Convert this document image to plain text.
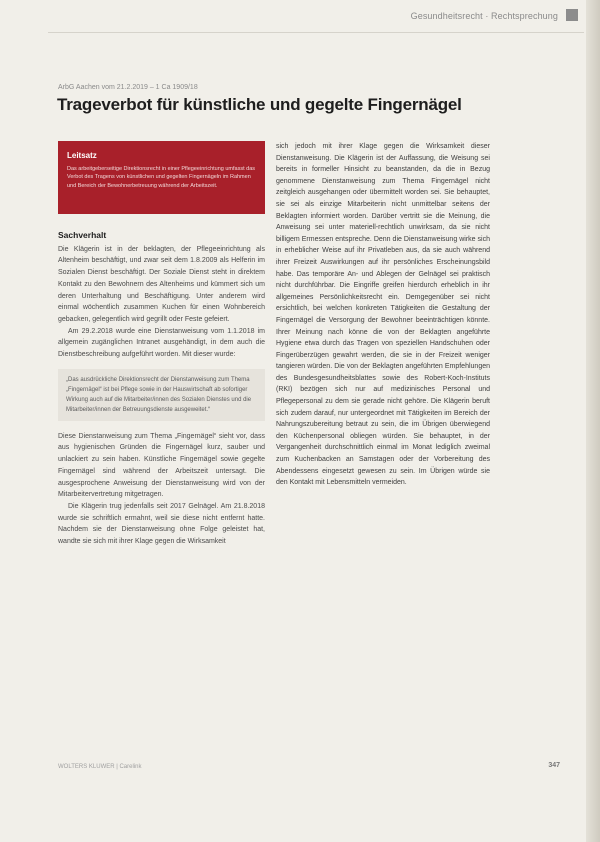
Gesundheitsrecht · Rechtsprechung
ArbG Aachen vom 21.2.2019 – 1 Ca 1909/18
Trageverbot für künstliche und gegelte Fingernägel
Leitsatz
Das arbeitgeberseitige Direktionsrecht in einer Pflegeeinrichtung umfasst das Verbot des Tragens von künstlichen und gegelten Fingernägeln im Rahmen und Bereich der Bewohnerbetreuung während der Arbeitszeit.
Sachverhalt

Die Klägerin ist in der beklagten, der Pflegeeinrichtung als Altenheim beschäftigt, und zwar seit dem 1.8.2009 als Helferin im Sozialen Dienst beschäftigt. Der Soziale Dienst steht in direktem Kontakt zu den Bewohnern des Altenheims und kümmert sich um deren Unterhaltung und Beschäftigung. Unter anderem wird einmal wöchentlich zusammen Kuchen für einen Wohnbereich gebacken, gelegentlich wird gegrillt oder Feste gefeiert.

Am 29.2.2018 wurde eine Dienstanweisung vom 1.1.2018 im allgemein zugänglichen Intranet ausgehändigt, in dem auch die Dienstbeschreibung aufgeführt worden. Mit dieser wurde:

„Das ausdrückliche Direktionsrecht der Dienstanweisung zum Thema „Fingernägel“ ist bei Pflege sowie in der Hauswirtschaft ab sofortiger Wirkung auch auf die Mitarbeiter/innen des Sozialen Dienstes und die Mitarbeiter/innen der Betreuungsdienste ausgeweitet.“

Diese Dienstanweisung zum Thema „Fingernägel“ sieht vor, dass aus hygienischen Gründen die Fingernägel kurz, sauber und unlackiert zu sein haben. Künstliche Fingernägel sowie gegelte Fingernägel sind während der Arbeitszeit untersagt. Die ausgesprochene Anweisung der Dienstanweisung wird von der Mitarbeitervertretung mitgetragen.

Die Klägerin trug jedenfalls seit 2017 Gelnägel. Am 21.8.2018 wurde sie schriftlich ermahnt, weil sie diese nicht entfernt hatte. Nachdem sie der Dienstanweisung ohne Folge geleistet hat, wandte sie sich mit ihrer Klage gegen die Wirksamkeit

sich jedoch mit ihrer Klage gegen die Wirksamkeit dieser Dienstanweisung. Die Klägerin ist der Auffassung, die Weisung sei bereits in formeller Hinsicht zu beanstanden, da die in Bezug genommene Dienstanweisung zum Thema Fingernägel nicht zeitgleich ausgehangen oder übermittelt worden sei. Sie behauptet, sie sei als einzige Mitarbeiterin nicht unmittelbar seitens der Beklagten informiert worden. Darüber vertritt sie die Meinung, die Anweisung sei unter materiell-rechtlich unwirksam, da sie nicht billigem Ermessen entspreche. Denn die Dienstanweisung wirke sich in erheblicher Weise auf ihr Privatleben aus, da sie auch während ihrer Freizeit Auswirkungen auf ihr persönliches Erscheinungsbild habe. Das temporäre An- und Ablegen der Gelnägel sei praktisch nicht durchführbar. Die Eingriffe greifen hierdurch erheblich in ihr allgemeines Persönlichkeitsrecht ein. Demgegenüber sei nicht ersichtlich, bei welchen konkreten Tätigkeiten die Gestaltung der Fingernägel die Versorgung der Bewohner beeinträchtigen könnte. Ihrer Meinung nach könne die von der Beklagten angeführte Hygiene etwa durch das Tragen von speziellen Handschuhen oder Fingerüberzügen gewahrt werden, die sie in der Freizeit weniger tangieren würden. Die von der Beklagten angeführten Empfehlungen des Bundesgesundheitsblattes sowie des Robert-Koch-Instituts (RKI) bezögen sich nur auf medizinisches Personal und Pflegepersonal zu dem sie gerade nicht gehöre. Die Klägerin beruft sich zudem darauf, nur untergeordnet mit Tätigkeiten im Bereich der Nahrungszubereitung betraut zu sein, die im Übrigen überwiegend den Küchenpersonal obliegen würden. Sie behauptet, in der Vergangenheit durchschnittlich einmal im Monat lediglich zweimal zum Kuchenbacken an Samstagen oder der Vorbereitung des Abendessens eingesetzt gewesen zu sein. Im Übrigen würde sie den Kontakt mit Lebensmitteln vermeiden.

WOLTERS KLUWER | Carelink	347
